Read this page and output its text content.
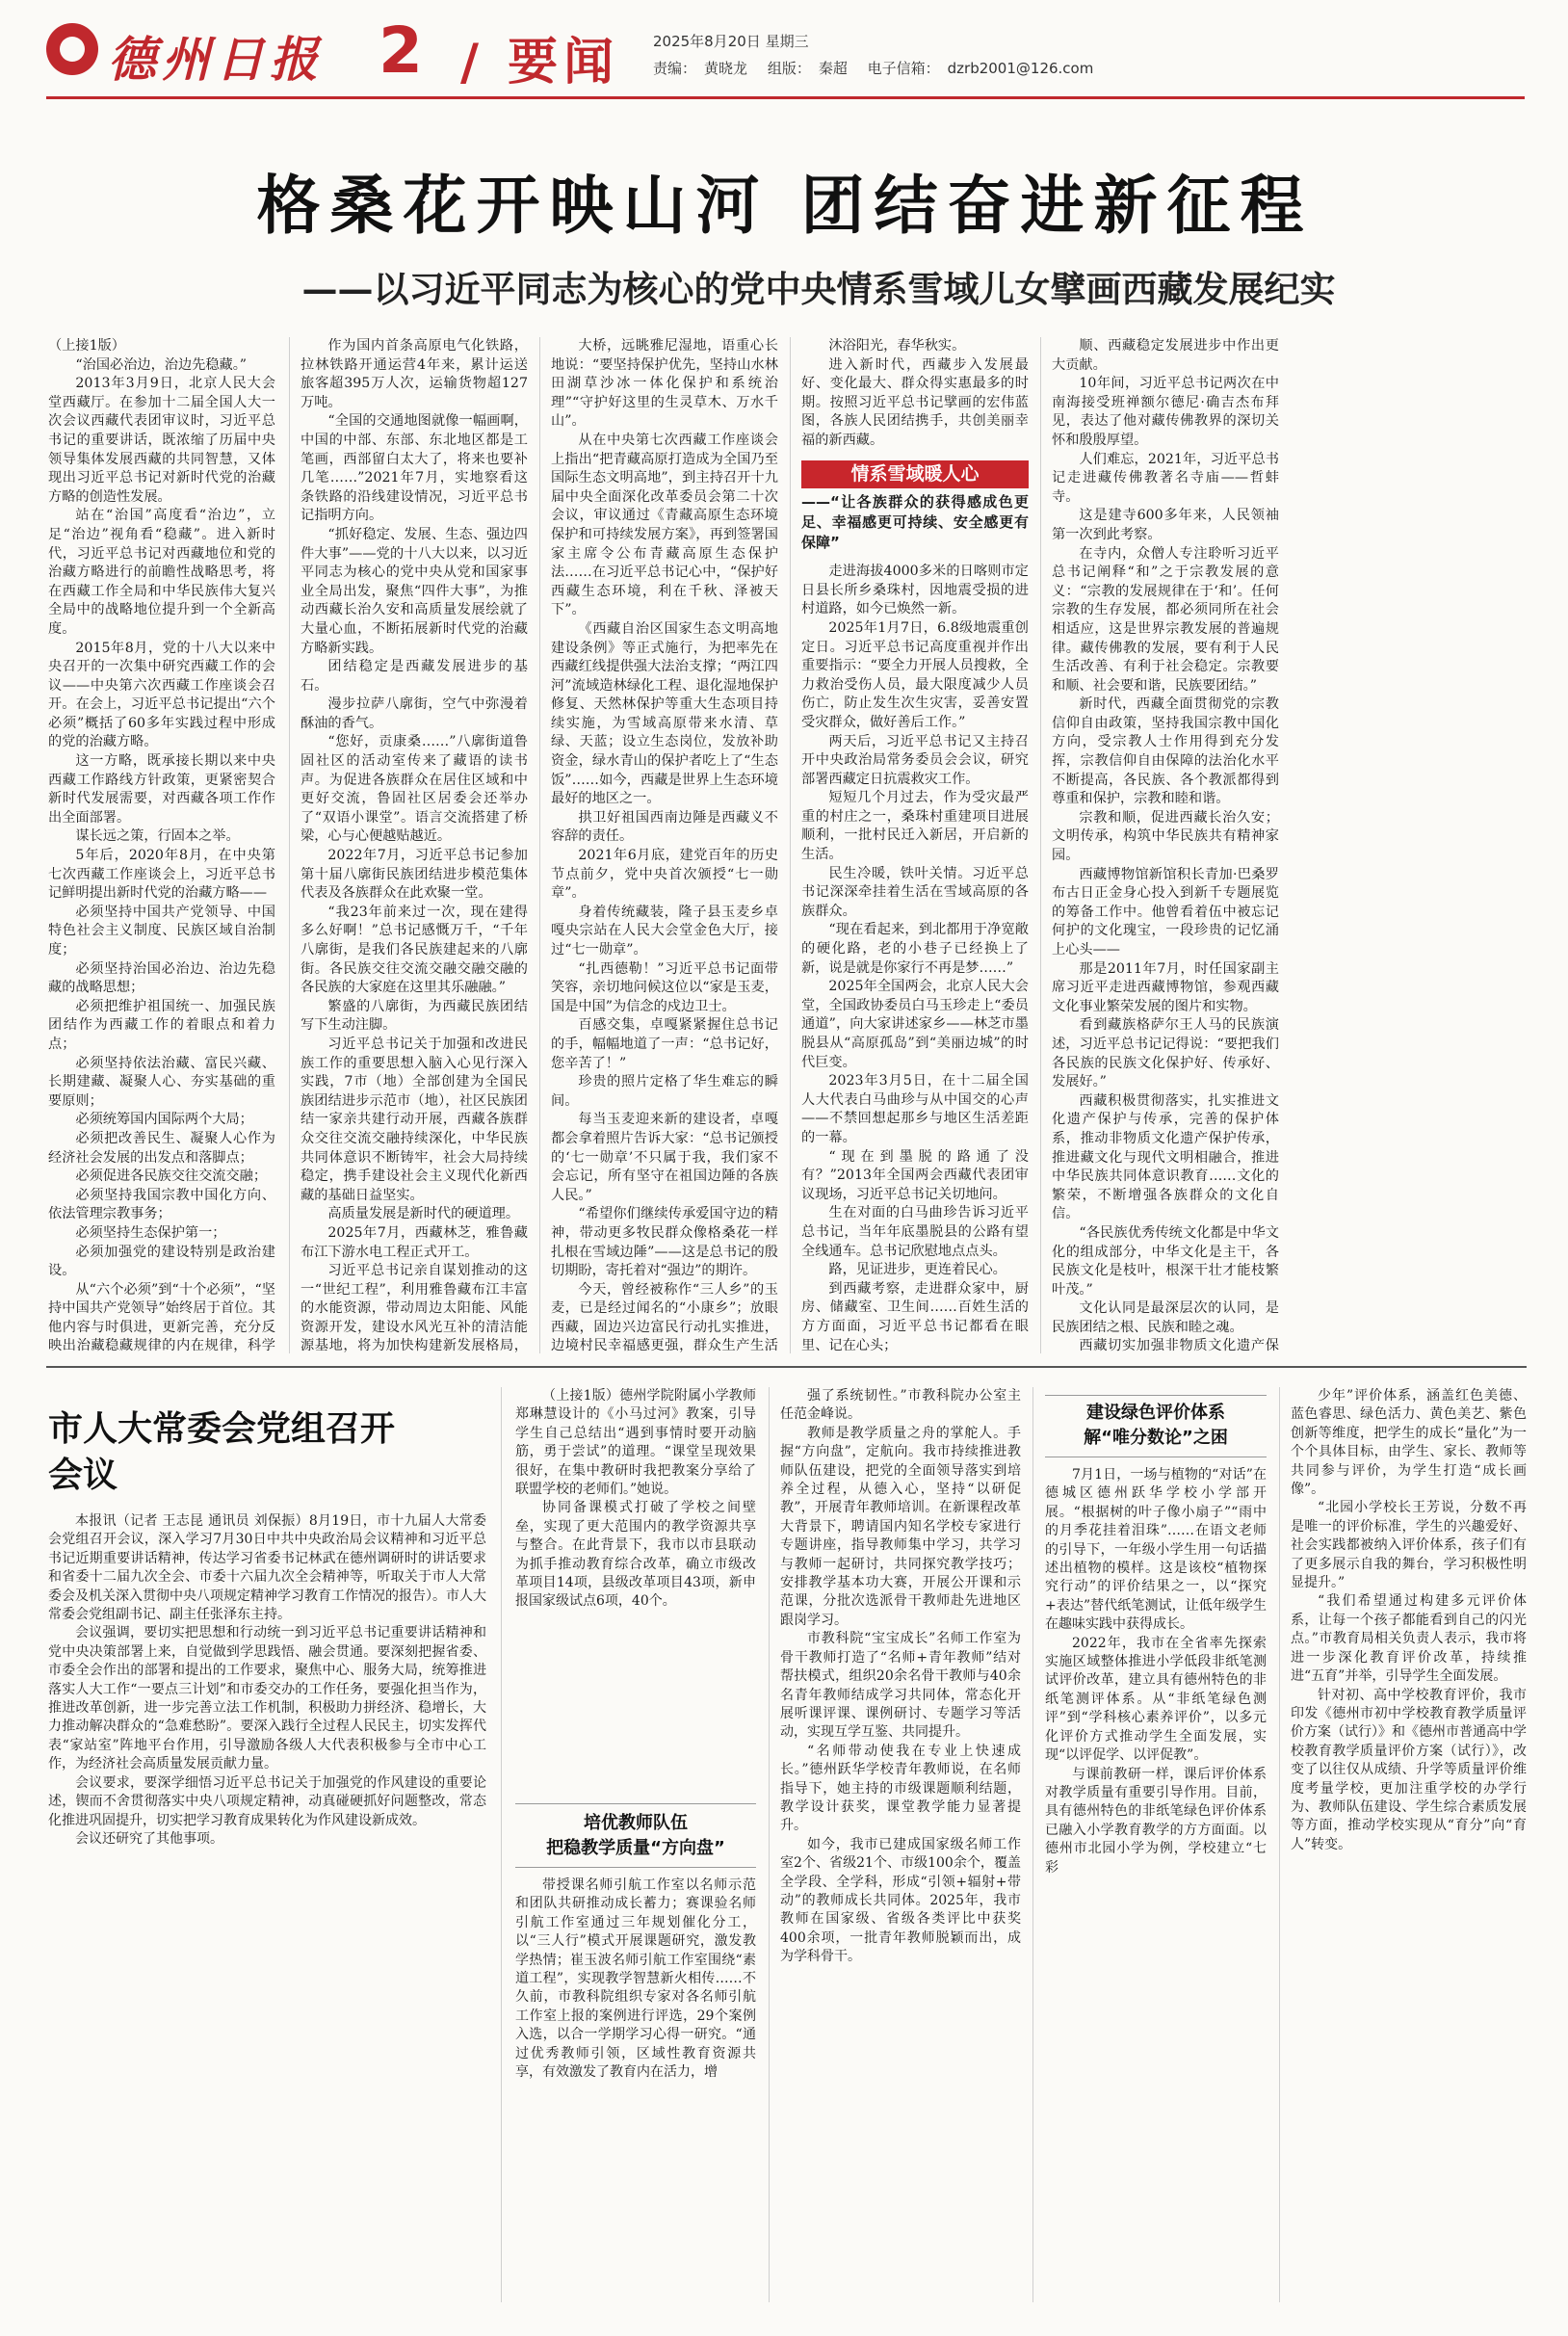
德州日报 2 / 要闻 2025年8月20日 星期三
责编： 黄晓龙 组版： 秦超 电子信箱： dzrb2001@126.com
格桑花开映山河 团结奋进新征程
——以习近平同志为核心的党中央情系雪域儿女擘画西藏发展纪实

（上接1版）

“治国必治边，治边先稳藏。”

2013年3月9日，北京人民大会堂西藏厅。在参加十二届全国人大一次会议西藏代表团审议时，习近平总书记的重要讲话，既浓缩了历届中央领导集体发展西藏的共同智慧，又体现出习近平总书记对新时代党的治藏方略的创造性发展。

站在“治国”高度看“治边”，立足“治边”视角看“稳藏”。进入新时代，习近平总书记对西藏地位和党的治藏方略进行的前瞻性战略思考，将在西藏工作全局和中华民族伟大复兴全局中的战略地位提升到一个全新高度。

2015年8月，党的十八大以来中央召开的一次集中研究西藏工作的会议——中央第六次西藏工作座谈会召开。在会上，习近平总书记提出“六个必须”概括了60多年实践过程中形成的党的治藏方略。

这一方略，既承接长期以来中央西藏工作路线方针政策，更紧密契合新时代发展需要，对西藏各项工作作出全面部署。

谋长远之策，行固本之举。

5年后，2020年8月，在中央第七次西藏工作座谈会上，习近平总书记鲜明提出新时代党的治藏方略——

必须坚持中国共产党领导、中国特色社会主义制度、民族区域自治制度；

必须坚持治国必治边、治边先稳藏的战略思想；

必须把维护祖国统一、加强民族团结作为西藏工作的着眼点和着力点；

必须坚持依法治藏、富民兴藏、长期建藏、凝聚人心、夯实基础的重要原则；

必须统筹国内国际两个大局；

必须把改善民生、凝聚人心作为经济社会发展的出发点和落脚点；

必须促进各民族交往交流交融；

必须坚持我国宗教中国化方向、依法管理宗教事务；

必须坚持生态保护第一；

必须加强党的建设特别是政治建设。

从“六个必须”到“十个必须”，“坚持中国共产党领导”始终居于首位。其他内容与时俱进，更新完善，充分反映出治藏稳藏规律的内在规律，科学

作为国内首条高原电气化铁路，拉林铁路开通运营4年来，累计运送旅客超395万人次，运输货物超127万吨。

“全国的交通地图就像一幅画啊，中国的中部、东部、东北地区都是工笔画，西部留白太大了，将来也要补几笔……”2021年7月，实地察看这条铁路的沿线建设情况，习近平总书记指明方向。

“抓好稳定、发展、生态、强边四件大事”——党的十八大以来，以习近平同志为核心的党中央从党和国家事业全局出发，聚焦“四件大事”，为推动西藏长治久安和高质量发展绘就了大量心血，不断拓展新时代党的治藏方略新实践。

团结稳定是西藏发展进步的基石。

漫步拉萨八廓街，空气中弥漫着酥油的香气。

“您好，贡康桑……”八廓街道鲁固社区的活动室传来了藏语的读书声。为促进各族群众在居住区域和中更好交流，鲁固社区居委会还举办了“双语小课堂”。语言交流搭建了桥梁，心与心便越贴越近。

2022年7月，习近平总书记参加第十届八廓街民族团结进步模范集体代表及各族群众在此欢聚一堂。

“我23年前来过一次，现在建得多么好啊！”总书记感慨万千，“千年八廓街，是我们各民族建起来的八廓街。各民族交往交流交融交融交融的各民族的大家庭在这里其乐融融。”

繁盛的八廓街，为西藏民族团结写下生动注脚。

习近平总书记关于加强和改进民族工作的重要思想入脑入心见行深入实践，7市（地）全部创建为全国民族团结进步示范市（地），社区民族团结一家亲共建行动开展，西藏各族群众交往交流交融持续深化，中华民族共同体意识不断铸牢，社会大局持续稳定，携手建设社会主义现代化新西藏的基础日益坚实。

高质量发展是新时代的硬道理。

2025年7月，西藏林芝，雅鲁藏布江下游水电工程正式开工。

习近平总书记亲自谋划推动的这一“世纪工程”，利用雅鲁藏布江丰富的水能资源，带动周边太阳能、风能资源开发，建设水风光互补的清洁能源基地，将为加快构建新发展格局，

大桥，远眺雅尼湿地，语重心长地说：“要坚持保护优先，坚持山水林田湖草沙冰一体化保护和系统治理”“守护好这里的生灵草木、万水千山”。

从在中央第七次西藏工作座谈会上指出“把青藏高原打造成为全国乃至国际生态文明高地”，到主持召开十九届中央全面深化改革委员会第二十次会议，审议通过《青藏高原生态环境保护和可持续发展方案》，再到签署国家主席令公布青藏高原生态保护法……在习近平总书记心中，“保护好西藏生态环境，利在千秋、泽被天下”。

《西藏自治区国家生态文明高地建设条例》等正式施行，为把率先在西藏红线提供强大法治支撑；“两江四河”流域造林绿化工程、退化湿地保护修复、天然林保护等重大生态项目持续实施，为雪域高原带来水清、草绿、天蓝；设立生态岗位，发放补助资金，绿水青山的保护者吃上了“生态饭”……如今，西藏是世界上生态环境最好的地区之一。

拱卫好祖国西南边陲是西藏义不容辞的责任。

2021年6月底，建党百年的历史节点前夕，党中央首次颁授“七一勋章”。

身着传统藏装，隆子县玉麦乡卓嘎央宗站在人民大会堂金色大厅，接过“七一勋章”。

“扎西德勒！”习近平总书记面带笑容，亲切地问候这位以“家是玉麦，国是中国”为信念的戍边卫士。

百感交集，卓嘎紧紧握住总书记的手，幅幅地道了一声：“总书记好，您辛苦了！”

珍贵的照片定格了华生难忘的瞬间。

每当玉麦迎来新的建设者，卓嘎都会拿着照片告诉大家：“总书记颁授的‘七一勋章’不只属于我，我们家不会忘记，所有坚守在祖国边陲的各族人民。”

“希望你们继续传承爱国守边的精神，带动更多牧民群众像格桑花一样扎根在雪域边陲”——这是总书记的殷切期盼，寄托着对“强边”的期许。

今天，曾经被称作“三人乡”的玉麦，已是经过闻名的“小康乡”；放眼西藏，固边兴边富民行动扎实推进，边境村民幸福感更强，群众生产生活

沐浴阳光，春华秋实。

进入新时代，西藏步入发展最好、变化最大、群众得实惠最多的时期。按照习近平总书记擘画的宏伟蓝图，各族人民团结携手，共创美丽幸福的新西藏。

情系雪域暖人心
——“让各族群众的获得感成色更足、幸福感更可持续、安全感更有保障”

走进海拔4000多米的日喀则市定日县长所乡桑珠村，因地震受损的进村道路，如今已焕然一新。

2025年1月7日，6.8级地震重创定日。习近平总书记高度重视并作出重要指示：“要全力开展人员搜救，全力救治受伤人员，最大限度减少人员伤亡，防止发生次生灾害，妥善安置受灾群众，做好善后工作。”

两天后，习近平总书记又主持召开中央政治局常务委员会会议，研究部署西藏定日抗震救灾工作。

短短几个月过去，作为受灾最严重的村庄之一，桑珠村重建项目进展顺利，一批村民迁入新居，开启新的生活。

民生冷暖，铁叶关情。习近平总书记深深牵挂着生活在雪域高原的各族群众。

“现在看起来，到北都用于净宽敞的硬化路，老的小巷子已经换上了新，说是就是你家行不再是梦……”

2025年全国两会，北京人民大会堂，全国政协委员白马玉珍走上“委员通道”，向大家讲述家乡——林芝市墨脱县从“高原孤岛”到“美丽边城”的时代巨变。

2023年3月5日，在十二届全国人大代表白马曲珍与从中国交的心声——不禁回想起那乡与地区生活差距的一幕。

“现在到墨脱的路通了没有？”2013年全国两会西藏代表团审议现场，习近平总书记关切地问。

生在对面的白马曲珍告诉习近平总书记，当年年底墨脱县的公路有望全线通车。总书记欣慰地点点头。

路，见证进步，更连着民心。

到西藏考察，走进群众家中，厨房、储藏室、卫生间……百姓生活的方方面面，习近平总书记都看在眼里、记在心头；

顺、西藏稳定发展进步中作出更大贡献。

10年间，习近平总书记两次在中南海接受班禅额尔德尼·确吉杰布拜见，表达了他对藏传佛教界的深切关怀和殷殷厚望。

人们难忘，2021年，习近平总书记走进藏传佛教著名寺庙——哲蚌寺。

这是建寺600多年来，人民领袖第一次到此考察。

在寺内，众僧人专注聆听习近平总书记阐释“和”之于宗教发展的意义：“宗教的发展规律在于‘和’。任何宗教的生存发展，都必须同所在社会相适应，这是世界宗教发展的普遍规律。藏传佛教的发展，要有利于人民生活改善、有利于社会稳定。宗教要和顺、社会要和谐，民族要团结。”

新时代，西藏全面贯彻党的宗教信仰自由政策，坚持我国宗教中国化方向，受宗教人士作用得到充分发挥，宗教信仰自由保障的法治化水平不断提高，各民族、各个教派都得到尊重和保护，宗教和睦和谐。

宗教和顺，促进西藏长治久安；文明传承，构筑中华民族共有精神家园。

西藏博物馆新馆积长青加·巴桑罗布古日正金身心投入到新千专题展览的筹备工作中。他曾看着伍中被忘记何护的文化瑰宝，一段珍贵的记忆涌上心头——

那是2011年7月，时任国家副主席习近平走进西藏博物馆，参观西藏文化事业繁荣发展的图片和实物。

看到藏族格萨尔王人马的民族演述，习近平总书记记得说：“要把我们各民族的民族文化保护好、传承好、发展好。”

西藏积极贯彻落实，扎实推进文化遗产保护与传承，完善的保护体系，推动非物质文化遗产保护传承，推进藏文化与现代文明相融合，推进中华民族共同体意识教育……文化的繁荣，不断增强各族群众的文化自信。

“各民族优秀传统文化都是中华文化的组成部分，中华文化是主干，各民族文化是枝叶，根深干壮才能枝繁叶茂。”

文化认同是最深层次的认同，是民族团结之根、民族和睦之魂。

西藏切实加强非物质文化遗产保

市人大常委会党组召开会议

本报讯（记者 王志昆 通讯员 刘保振）8月19日，市十九届人大常委会党组召开会议，深入学习7月30日中共中央政治局会议精神和习近平总书记近期重要讲话精神，传达学习省委书记林武在德州调研时的讲话要求和省委十二届九次全会、市委十六届九次全会精神等，听取关于市人大常委会及机关深入贯彻中央八项规定精神学习教育工作情况的报告）。市人大常委会党组副书记、副主任张泽东主持。

会议强调，要切实把思想和行动统一到习近平总书记重要讲话精神和党中央决策部署上来，自觉做到学思践悟、融会贯通。要深刻把握省委、市委全会作出的部署和提出的工作要求，聚焦中心、服务大局，统筹推进落实人大工作“一要点三计划”和市委交办的工作任务，要强化担当作为，推进改革创新，进一步完善立法工作机制，积极助力拼经济、稳增长，大力推动解决群众的“急难愁盼”。要深入践行全过程人民民主，切实发挥代表“家站室”阵地平台作用，引导激励各级人大代表积极参与全市中心工作，为经济社会高质量发展贡献力量。

会议要求，要深学细悟习近平总书记关于加强党的作风建设的重要论述，锲而不舍贯彻落实中央八项规定精神，动真碰硬抓好问题整改，常态化推进巩固提升，切实把学习教育成果转化为作风建设新成效。

会议还研究了其他事项。

（上接1版）德州学院附属小学教师郑琳慧设计的《小马过河》教案，引导学生自己总结出“遇到事情时要开动脑筋，勇于尝试”的道理。“课堂呈现效果很好，在集中教研时我把教案分享给了联盟学校的老师们。”她说。

协同备课模式打破了学校之间壁垒，实现了更大范围内的教学资源共享与整合。在此背景下，我市以市县联动为抓手推动教育综合改革，确立市级改革项目14项，县级改革项目43项，新申报国家级试点6项，40个。

培优教师队伍
把稳教学质量“方向盘”

带授课名师引航工作室以名师示范和团队共研推动成长蓄力；赛课验名师引航工作室通过三年规划催化分工，以“三人行”模式开展课题研究，激发教学热情；崔玉波名师引航工作室围绕“素道工程”，实现教学智慧新火相传……不久前，市教科院组织专家对各名师引航工作室上报的案例进行评选，29个案例入选，以合一学期学习心得一研究。“通过优秀教师引领，区域性教育资源共享，有效激发了教育内在活力，增

强了系统韧性。”市教科院办公室主任范金峰说。

教师是教学质量之舟的掌舵人。手握“方向盘”，定航向。我市持续推进教师队伍建设，把党的全面领导落实到培养全过程，从德入心，坚持“以研促教”，开展青年教师培训。在新课程改革大背景下，聘请国内知名学校专家进行专题讲座，指导教师集中学习，共学习与教师一起研讨，共同探究教学技巧；安排教学基本功大赛，开展公开课和示范课，分批次选派骨干教师赴先进地区跟岗学习。

市教科院“宝宝成长”名师工作室为骨干教师打造了“名师+青年教师”结对帮扶模式，组织20余名骨干教师与40余名青年教师结成学习共同体，常态化开展听课评课、课例研讨、专题学习等活动，实现互学互鉴、共同提升。

“名师带动使我在专业上快速成长。”德州跃华学校青年教师说，在名师指导下，她主持的市级课题顺利结题，教学设计获奖，课堂教学能力显著提升。

如今，我市已建成国家级名师工作室2个、省级21个、市级100余个，覆盖全学段、全学科，形成“引领+辐射+带动”的教师成长共同体。2025年，我市教师在国家级、省级各类评比中获奖400余项，一批青年教师脱颖而出，成为学科骨干。

建设绿色评价体系
解“唯分数论”之困

7月1日，一场与植物的“对话”在德城区德州跃华学校小学部开展。“根据树的叶子像小扇子”“雨中的月季花挂着泪珠”……在语文老师的引导下，一年级小学生用一句话描述出植物的模样。这是该校“植物探究行动”的评价结果之一，以“探究+表达”替代纸笔测试，让低年级学生在趣味实践中获得成长。

2022年，我市在全省率先探索实施区域整体推进小学低段非纸笔测试评价改革，建立具有德州特色的非纸笔测评体系。从“非纸笔绿色测评”到“学科核心素养评价”，以多元化评价方式推动学生全面发展，实现“以评促学、以评促教”。

与课前教研一样，课后评价体系对教学质量有重要引导作用。目前，具有德州特色的非纸笔绿色评价体系已融入小学教育教学的方方面面。以德州市北园小学为例，学校建立“七彩

少年”评价体系，涵盖红色美德、蓝色睿思、绿色活力、黄色美艺、紫色创新等维度，把学生的成长“量化”为一个个具体目标，由学生、家长、教师等共同参与评价，为学生打造“成长画像”。

“北园小学校长王芳说，分数不再是唯一的评价标准，学生的兴趣爱好、社会实践都被纳入评价体系，孩子们有了更多展示自我的舞台，学习积极性明显提升。”

“我们希望通过构建多元评价体系，让每一个孩子都能看到自己的闪光点。”市教育局相关负责人表示，我市将进一步深化教育评价改革，持续推进“五育”并举，引导学生全面发展。

针对初、高中学校教育评价，我市印发《德州市初中学校教育教学质量评价方案（试行）》和《德州市普通高中学校教育教学质量评价方案（试行）》，改变了以往仅从成绩、升学等质量评价维度考量学校，更加注重学校的办学行为、教师队伍建设、学生综合素质发展等方面，推动学校实现从“育分”向“育人”转变。
